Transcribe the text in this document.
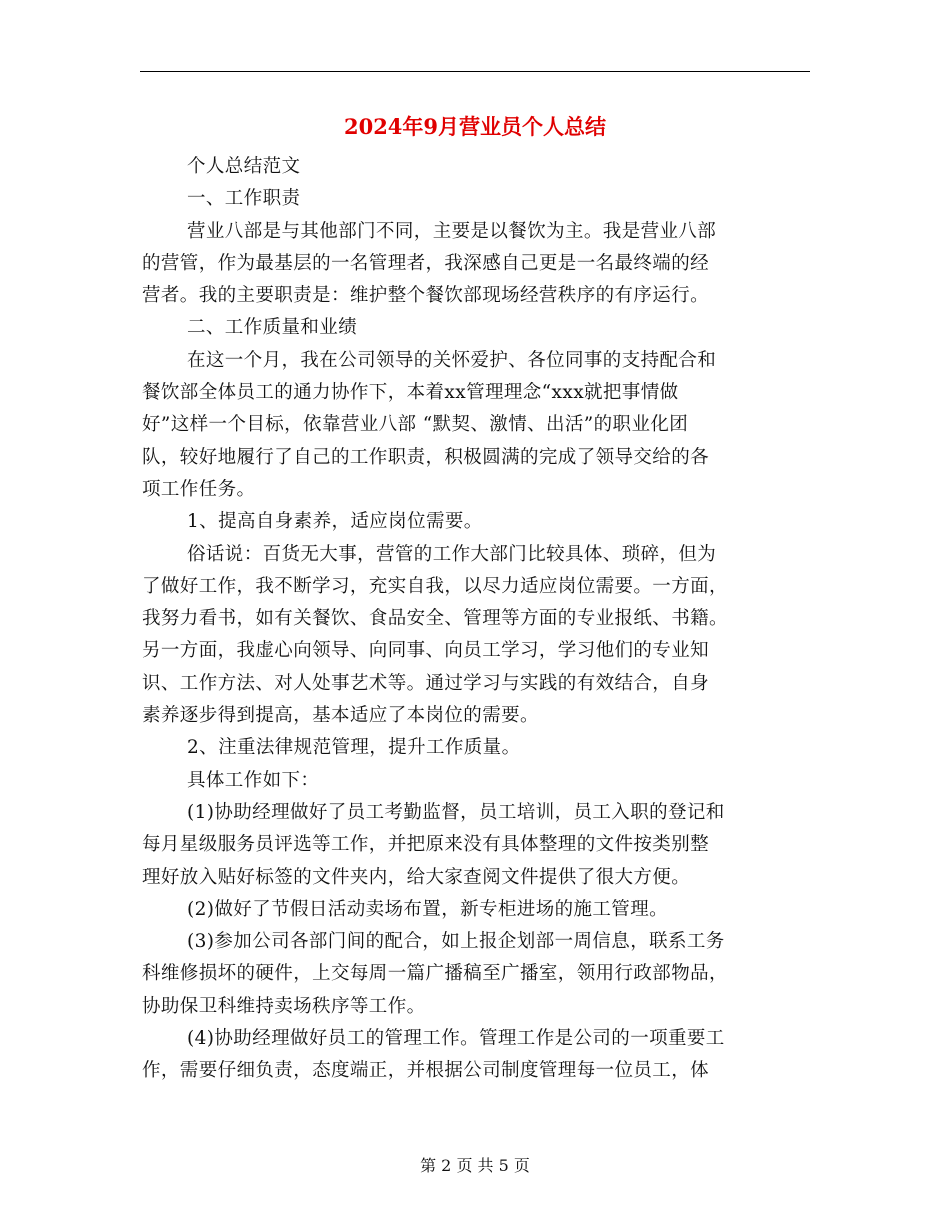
2024年9月营业员个人总结
个人总结范文
一、工作职责
营业八部是与其他部门不同，主要是以餐饮为主。我是营业八部
的营管，作为最基层的一名管理者，我深感自己更是一名最终端的经
营者。我的主要职责是：维护整个餐饮部现场经营秩序的有序运行。
二、工作质量和业绩
在这一个月，我在公司领导的关怀爱护、各位同事的支持配合和
餐饮部全体员工的通力协作下，本着xx管理理念“xxx就把事情做
好”这样一个目标，依靠营业八部 “默契、激情、出活”的职业化团
队，较好地履行了自己的工作职责，积极圆满的完成了领导交给的各
项工作任务。
1、提高自身素养，适应岗位需要。
俗话说：百货无大事，营管的工作大部门比较具体、琐碎，但为
了做好工作，我不断学习，充实自我，以尽力适应岗位需要。一方面，
我努力看书，如有关餐饮、食品安全、管理等方面的专业报纸、书籍。
另一方面，我虚心向领导、向同事、向员工学习，学习他们的专业知
识、工作方法、对人处事艺术等。通过学习与实践的有效结合，自身
素养逐步得到提高，基本适应了本岗位的需要。
2、注重法律规范管理，提升工作质量。
具体工作如下：
(1)协助经理做好了员工考勤监督，员工培训，员工入职的登记和
每月星级服务员评选等工作，并把原来没有具体整理的文件按类别整
理好放入贴好标签的文件夹内，给大家查阅文件提供了很大方便。
(2)做好了节假日活动卖场布置，新专柜进场的施工管理。
(3)参加公司各部门间的配合，如上报企划部一周信息，联系工务
科维修损坏的硬件，上交每周一篇广播稿至广播室，领用行政部物品，
协助保卫科维持卖场秩序等工作。
(4)协助经理做好员工的管理工作。管理工作是公司的一项重要工
作，需要仔细负责，态度端正，并根据公司制度管理每一位员工，体
第 2 页 共 5 页
